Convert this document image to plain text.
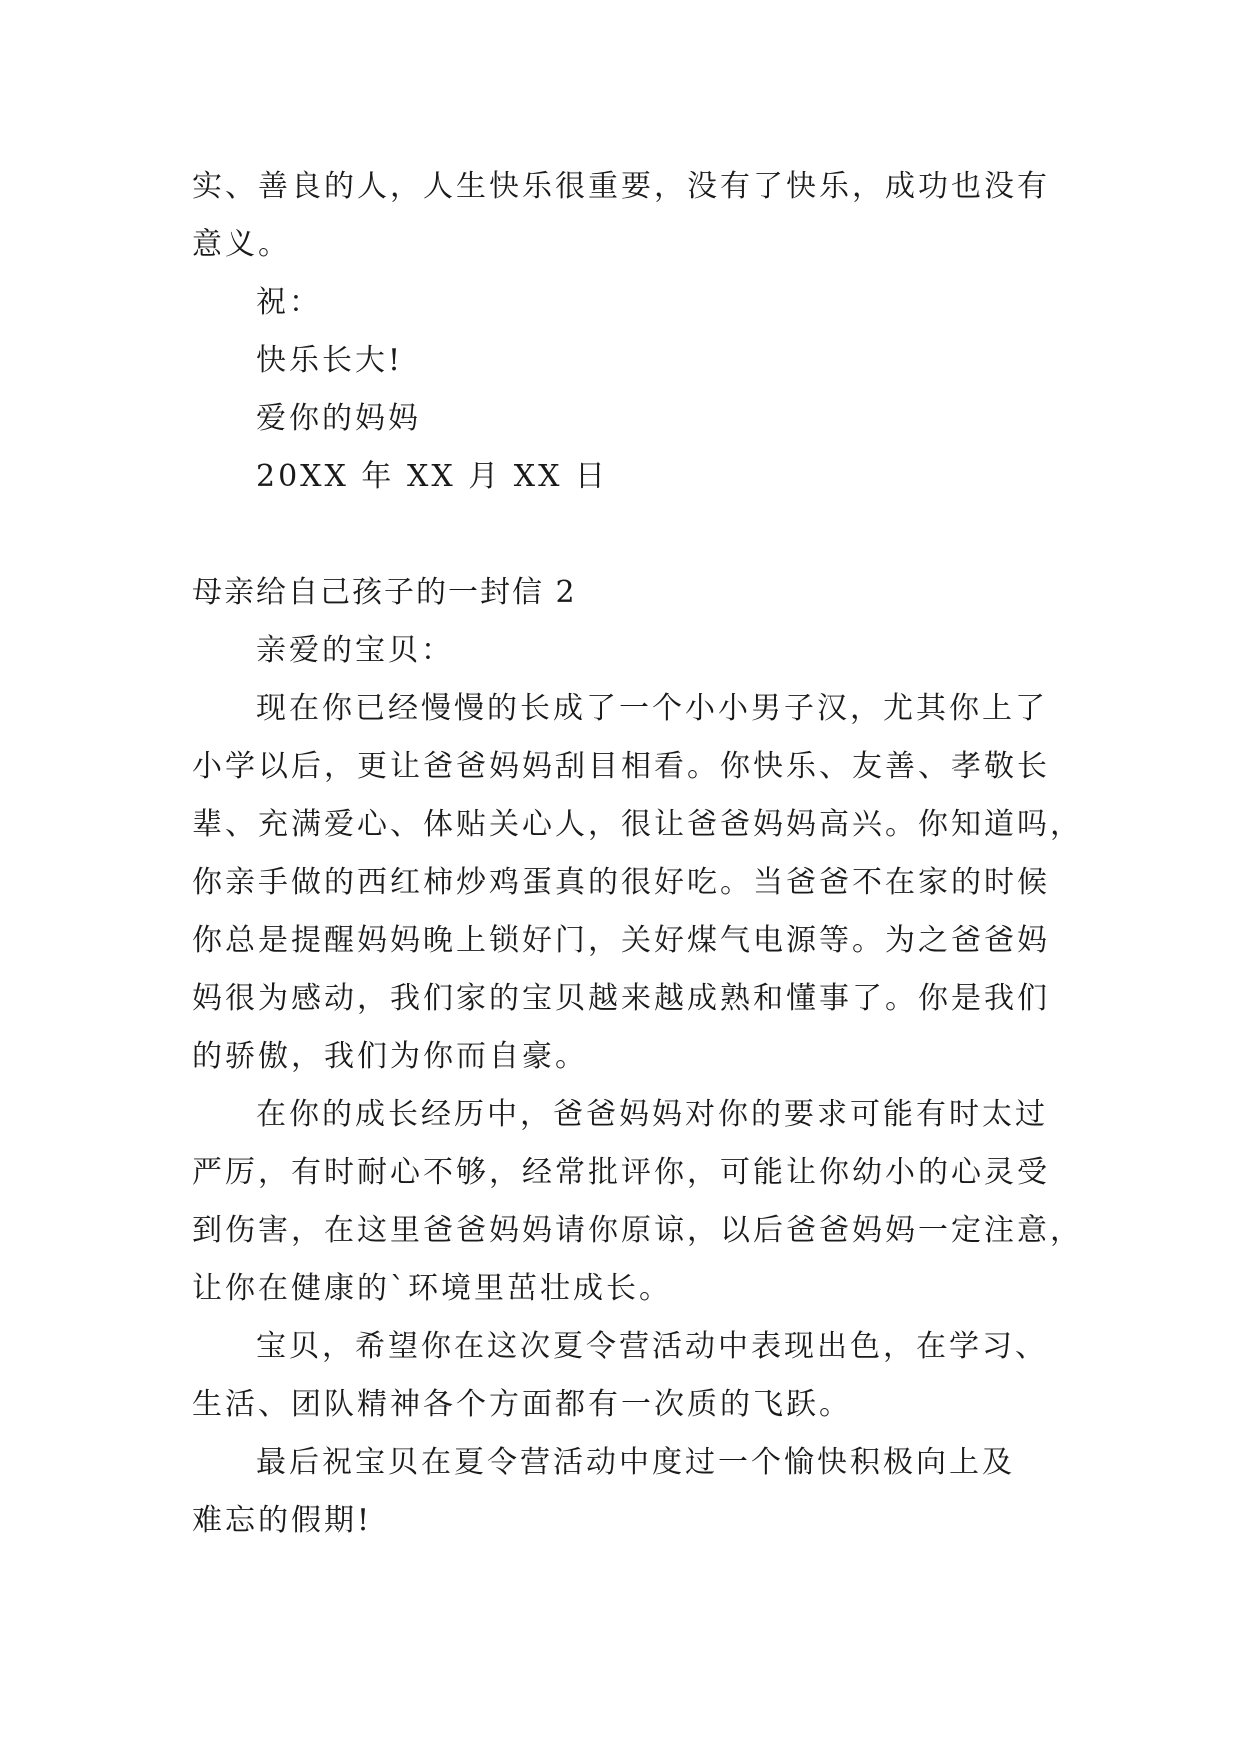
实、善良的人，人生快乐很重要，没有了快乐，成功也没有
意义。
祝：
快乐长大!
爱你的妈妈
20XX 年 XX 月 XX 日
母亲给自己孩子的一封信 2
亲爱的宝贝：
现在你已经慢慢的长成了一个小小男子汉，尤其你上了
小学以后，更让爸爸妈妈刮目相看。你快乐、友善、孝敬长
辈、充满爱心、体贴关心人，很让爸爸妈妈高兴。你知道吗，
你亲手做的西红柿炒鸡蛋真的很好吃。当爸爸不在家的时候
你总是提醒妈妈晚上锁好门，关好煤气电源等。为之爸爸妈
妈很为感动，我们家的宝贝越来越成熟和懂事了。你是我们
的骄傲，我们为你而自豪。
在你的成长经历中，爸爸妈妈对你的要求可能有时太过
严厉，有时耐心不够，经常批评你，可能让你幼小的心灵受
到伤害，在这里爸爸妈妈请你原谅，以后爸爸妈妈一定注意，
让你在健康的`环境里茁壮成长。
宝贝，希望你在这次夏令营活动中表现出色，在学习、
生活、团队精神各个方面都有一次质的飞跃。
最后祝宝贝在夏令营活动中度过一个愉快积极向上及
难忘的假期!
